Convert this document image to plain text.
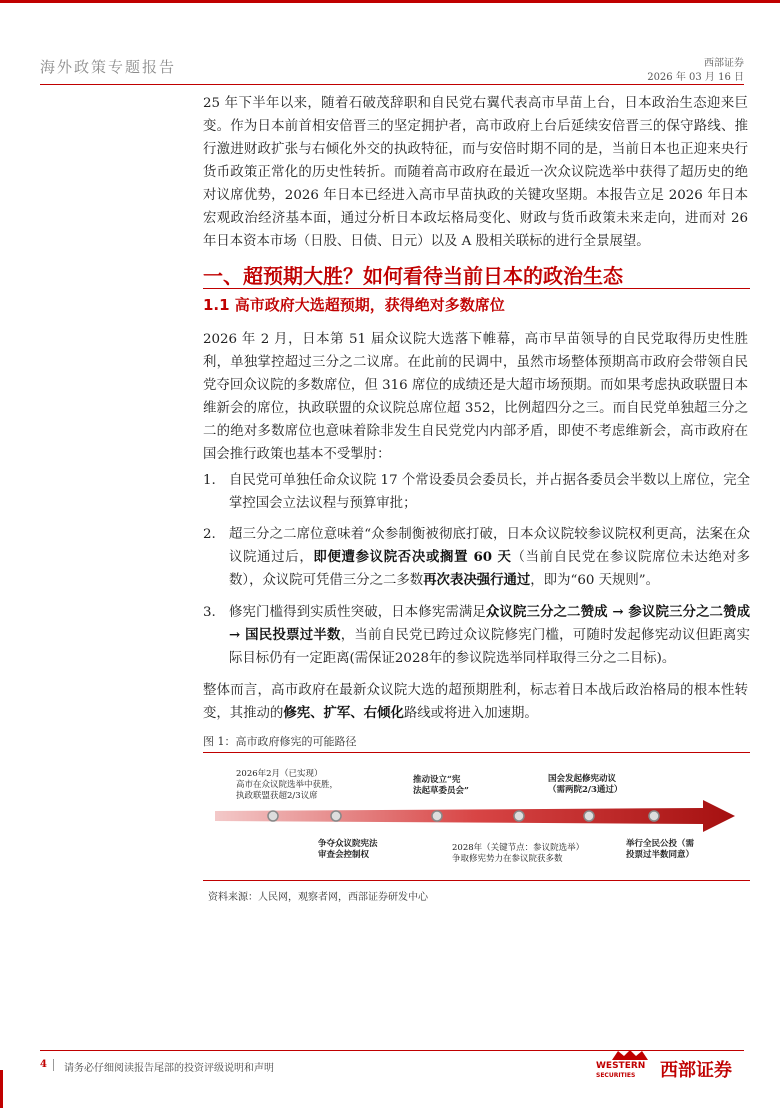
海外政策专题报告	西部证券
2026 年 03 月 16 日
25 年下半年以来，随着石破茂辞职和自民党右翼代表高市早苗上台，日本政治生态迎来巨变。作为日本前首相安倍晋三的坚定拥护者，高市政府上台后延续安倍晋三的保守路线、推行激进财政扩张与右倾化外交的执政特征，而与安倍时期不同的是，当前日本也正迎来央行货币政策正常化的历史性转折。而随着高市政府在最近一次众议院选举中获得了超历史的绝对议席优势，2026 年日本已经进入高市早苗执政的关键攻坚期。本报告立足 2026 年日本宏观政治经济基本面，通过分析日本政坛格局变化、财政与货币政策未来走向，进而对 26 年日本资本市场（日股、日债、日元）以及 A 股相关联标的进行全景展望。
一、超预期大胜？如何看待当前日本的政治生态
1.1 高市政府大选超预期，获得绝对多数席位
2026 年 2 月，日本第 51 届众议院大选落下帷幕，高市早苗领导的自民党取得历史性胜利，单独掌控超过三分之二议席。在此前的民调中，虽然市场整体预期高市政府会带领自民党夺回众议院的多数席位，但 316 席位的成绩还是大超市场预期。而如果考虑执政联盟日本维新会的席位，执政联盟的众议院总席位超 352，比例超四分之三。而自民党单独超三分之二的绝对多数席位也意味着除非发生自民党党内内部矛盾，即使不考虑维新会，高市政府在国会推行政策也基本不受掣肘：
1. 自民党可单独任命众议院 17 个常设委员会委员长，并占据各委员会半数以上席位，完全掌控国会立法议程与预算审批；
2. 超三分之二席位意味着“众参制衡被彻底打破，日本众议院较参议院权利更高，法案在众议院通过后，即便遭参议院否决或搁置 60 天（当前自民党在参议院席位未达绝对多数），众议院可凭借三分之二多数再次表决强行通过，即为“60 天规则”。
3. 修宪门槛得到实质性突破，日本修宪需满足众议院三分之二赞成 → 参议院三分之二赞成 → 国民投票过半数，当前自民党已跨过众议院修宪门槛，可随时发起修宪动议但距离实际目标仍有一定距离(需保证2028年的参议院选举同样取得三分之二目标)。
整体而言，高市政府在最新众议院大选的超预期胜利，标志着日本战后政治格局的根本性转变，其推动的修宪、扩军、右倾化路线或将进入加速期。
图 1：高市政府修宪的可能路径
2026年2月（已实现）
高市在众议院选举中获胜，
执政联盟获超2/3议席
推动设立“宪
法起草委员会”
国会发起修宪动议
（需两院2/3通过）
争夺众议院宪法
审查会控制权
2028年（关键节点：参议院选举）
争取修宪势力在参议院获多数
举行全民公投（需
投票过半数同意）
资料来源：人民网，观察者网，西部证券研发中心
4 请务必仔细阅读报告尾部的投资评级说明和声明	WESTERN
SECURITIES	西部证券
